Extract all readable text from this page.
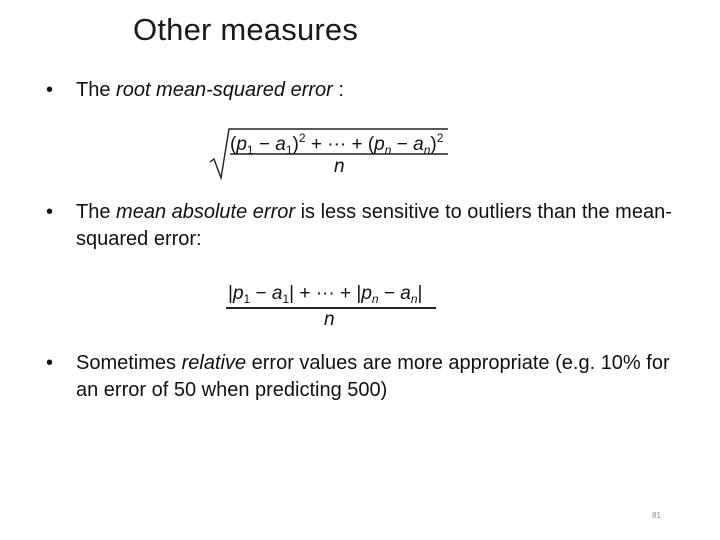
Other measures
•	The root mean-squared error :
$(p_1 - a_1)^2$ + ··· + $(p_n - a_n)^2$
n
•	The mean absolute error is less sensitive to outliers than the mean-squared error:
$|p_1 - a_1|$ + ··· + $|p_n - a_n|$
n
•	Sometimes relative error values are more appropriate (e.g. 10% for an error of 50 when predicting 500)
81
